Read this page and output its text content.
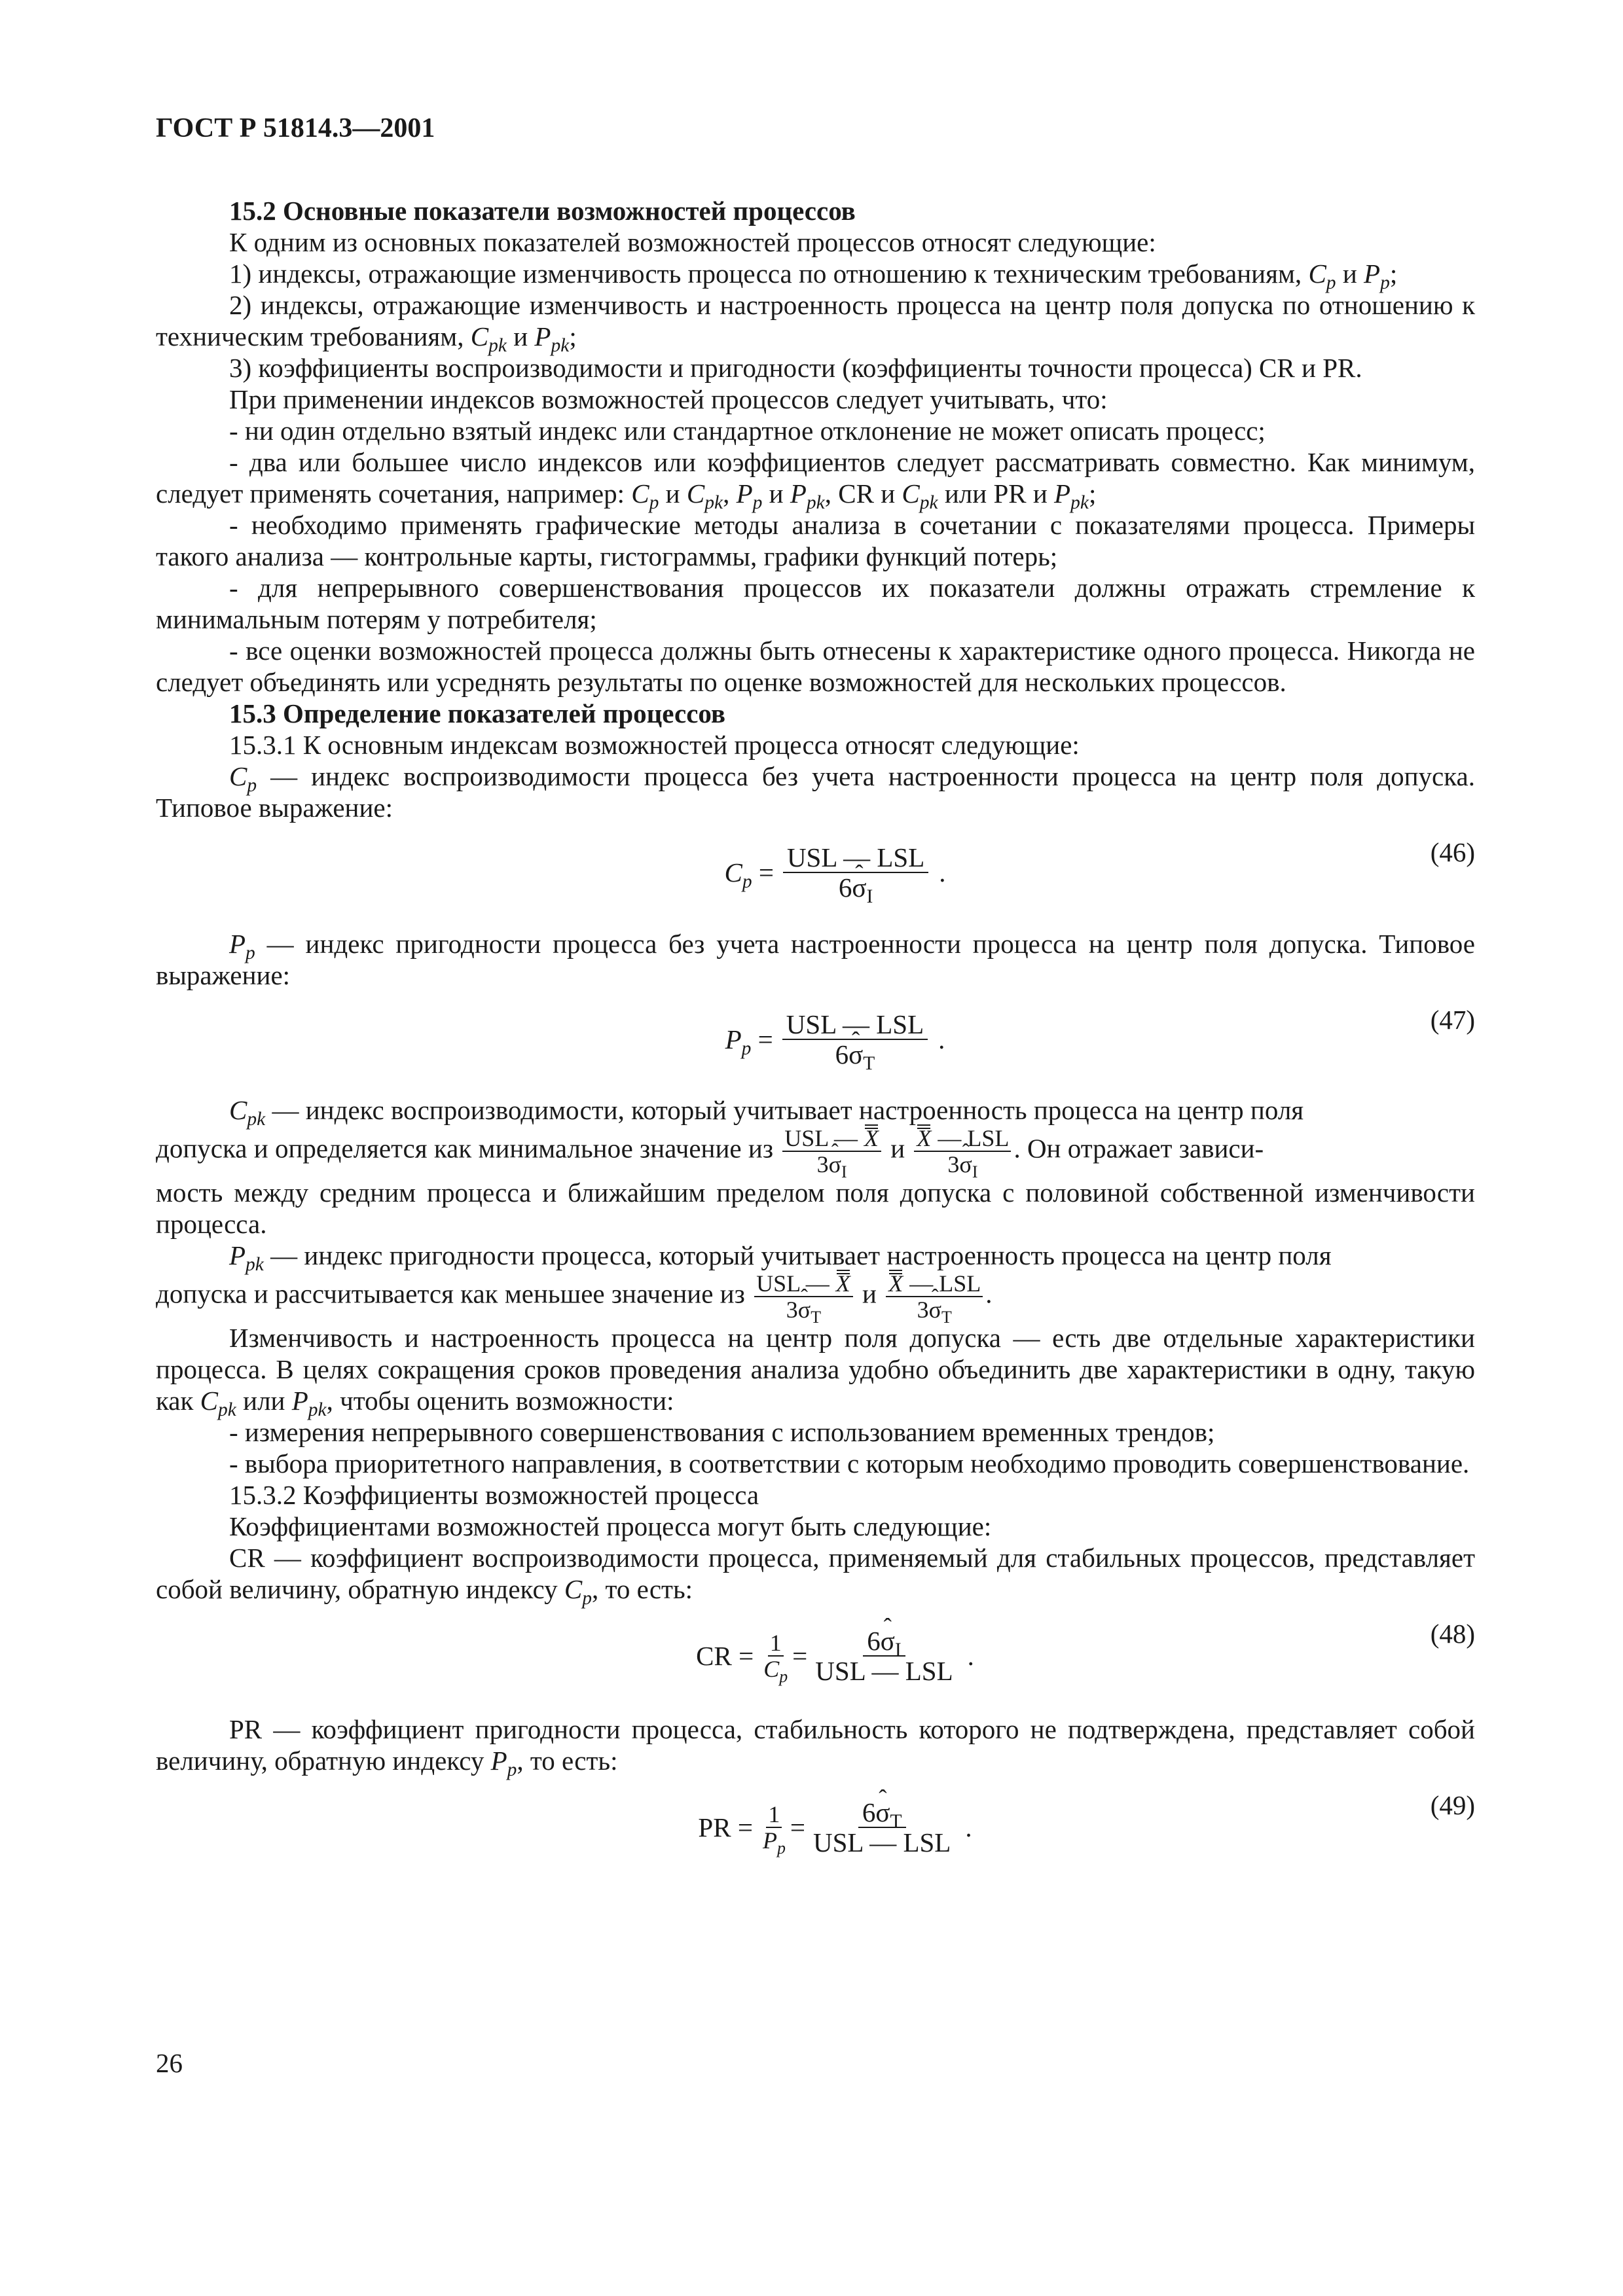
ГОСТ Р 51814.3—2001
15.2 Основные показатели возможностей процессов

К одним из основных показателей возможностей процессов относят следующие:

1) индексы, отражающие изменчивость процесса по отношению к техническим требованиям, $C_p$ и $P_p$;

2) индексы, отражающие изменчивость и настроенность процесса на центр поля допуска по отношению к техническим требованиям, $C_{pk}$ и $P_{pk}$;

3) коэффициенты воспроизводимости и пригодности (коэффициенты точности процесса) CR и PR.

При применении индексов возможностей процессов следует учитывать, что:

- ни один отдельно взятый индекс или стандартное отклонение не может описать процесс;

- два или большее число индексов или коэффициентов следует рассматривать совместно. Как минимум, следует применять сочетания, например: $C_p$ и $C_{pk}$, $P_p$ и $P_{pk}$, CR и $C_{pk}$ или PR и $P_{pk}$;

- необходимо применять графические методы анализа в сочетании с показателями процесса. Примеры такого анализа — контрольные карты, гистограммы, графики функций потерь;

- для непрерывного совершенствования процессов их показатели должны отражать стремление к минимальным потерям у потребителя;

- все оценки возможностей процесса должны быть отнесены к характеристике одного процесса. Никогда не следует объединять или усреднять результаты по оценке возможностей для нескольких процессов.

15.3 Определение показателей процессов

15.3.1 К основным индексам возможностей процесса относят следующие:

$C_p$ — индекс воспроизводимости процесса без учета настроенности процесса на центр поля допуска. Типовое выражение:

$C_p = \frac{\text{USL — LSL}}{6ˆ \sigma_I}$ .
(46)

$P_p$ — индекс пригодности процесса без учета настроенности процесса на центр поля допуска. Типовое выражение:

$P_p = \frac{\text{USL — LSL}}{6ˆ \sigma_T}$ .
(47)

$C_{pk}$ — индекс воспроизводимости, который учитывает настроенность процесса на центр поля

допуска и определяется как минимальное значение из $\frac{\text{USL — X}}{3ˆ \sigma_I}$ и $\frac{\text{X — LSL}}{3ˆ \sigma_I}$ . Он отражает зависи-

мость между средним процесса и ближайшим пределом поля допуска с половиной собственной изменчивости процесса.

$P_{pk}$ — индекс пригодности процесса, который учитывает настроенность процесса на центр поля

допуска и рассчитывается как меньшее значение из $\frac{\text{USL — X}}{3ˆ \sigma_T}$ и $\frac{\text{X — LSL}}{3ˆ \sigma_T}$ .

Изменчивость и настроенность процесса на центр поля допуска — есть две отдельные характеристики процесса. В целях сокращения сроков проведения анализа удобно объединить две характеристики в одну, такую как $C_{pk}$ или $P_{pk}$, чтобы оценить возможности:

- измерения непрерывного совершенствования с использованием временных трендов;

- выбора приоритетного направления, в соответствии с которым необходимо проводить совершенствование.

15.3.2 Коэффициенты возможностей процесса

Коэффициентами возможностей процесса могут быть следующие:

CR — коэффициент воспроизводимости процесса, применяемый для стабильных процессов, представляет собой величину, обратную индексу $C_p$, то есть:

CR = $\frac{1}{C_p} = \frac{6ˆ \sigma_I}{\text{USL — LSL}}$ .
(48)

PR — коэффициент пригодности процесса, стабильность которого не подтверждена, представляет собой величину, обратную индексу $P_p$, то есть:

PR = $\frac{1}{P_p} = \frac{6ˆ \sigma_T}{\text{USL — LSL}}$ .
(49)
26
